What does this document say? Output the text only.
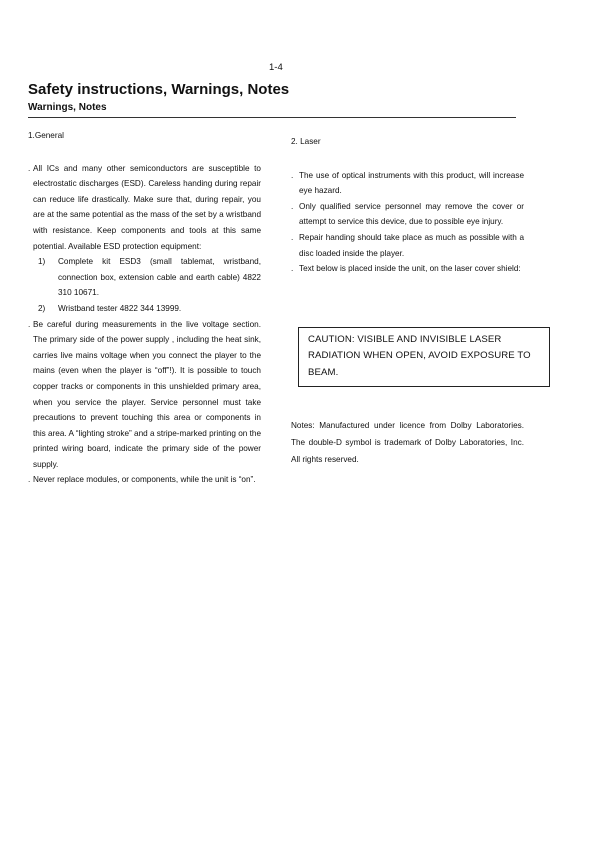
1-4
Safety instructions, Warnings, Notes
Warnings, Notes
1.General
. All ICs and many other semiconductors are susceptible to electrostatic discharges (ESD). Careless handing during repair can reduce life drastically. Make sure that, during repair, you are at the same potential as the mass of the set by a wristband with resistance. Keep components and tools at this same potential. Available ESD protection equipment:
1) Complete kit ESD3 (small tablemat, wristband, connection box, extension cable and earth cable) 4822 310 10671.
2) Wristband tester 4822 344 13999.
. Be careful during measurements in the live voltage section. The primary side of the power supply , including the heat sink, carries live mains voltage when you connect the player to the mains (even when the player is “off”!). It is possible to touch copper tracks or components in this unshielded primary area, when you service the player. Service personnel must take precautions to prevent touching this area or components in this area. A “lighting stroke” and a stripe-marked printing on the printed wiring board, indicate the primary side of the power supply.
. Never replace modules, or components, while the unit is “on”.
2. Laser
. The use of optical instruments with this product, will increase eye hazard.
. Only qualified service personnel may remove the cover or attempt to service this device, due to possible eye injury.
. Repair handing should take place as much as possible with a disc loaded inside the player.
. Text below is placed inside the unit, on the laser cover shield:
CAUTION: VISIBLE AND INVISIBLE LASER RADIATION WHEN OPEN, AVOID EXPOSURE TO BEAM.
Notes: Manufactured under licence from Dolby Laboratories. The double-D symbol is trademark of Dolby Laboratories, Inc. All rights reserved.
